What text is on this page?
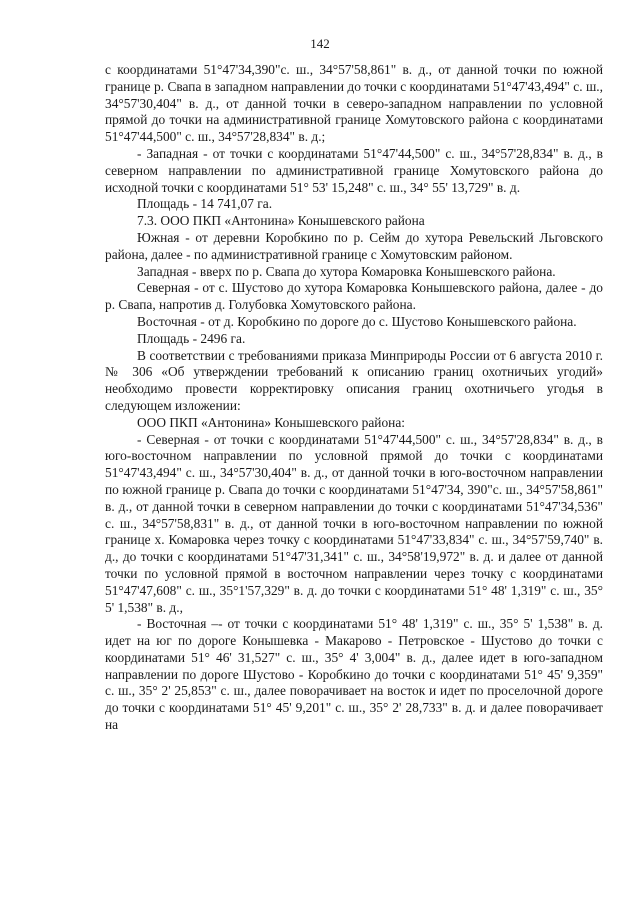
142

с координатами 51°47'34,390"с. ш., 34°57'58,861" в. д., от данной точки по южной границе р. Свапа в западном направлении до точки с координатами 51°47'43,494" с. ш., 34°57'30,404" в. д., от данной точки в северо-западном направлении по условной прямой до точки на административной границе Хомутовского района с координатами 51°47'44,500" с. ш., 34°57'28,834" в. д.;

- Западная - от точки с координатами 51°47'44,500" с. ш., 34°57'28,834" в. д., в северном направлении по административной границе Хомутовского района до исходной точки с координатами 51° 53' 15,248" с. ш., 34° 55' 13,729" в. д.

Площадь - 14 741,07 га.

7.3. ООО ПКП «Антонина» Конышевского района

Южная - от деревни Коробкино по р. Сейм до хутора Ревельский Льговского района, далее - по административной границе с Хомутовским районом.

Западная - вверх по р. Свапа до хутора Комаровка Конышевского района.

Северная - от с. Шустово до хутора Комаровка Конышевского района, далее - до р. Свапа, напротив д. Голубовка Хомутовского района.

Восточная - от д. Коробкино по дороге до с. Шустово Конышевского района.

Площадь - 2496 га.

В соответствии с требованиями приказа Минприроды России от 6 августа 2010 г. № 306 «Об утверждении требований к описанию границ охотничьих угодий» необходимо провести корректировку описания границ охотничьего угодья в следующем изложении:

ООО ПКП «Антонина» Конышевского района:

- Северная - от точки с координатами 51°47'44,500" с. ш., 34°57'28,834" в. д., в юго-восточном направлении по условной прямой до точки с координатами 51°47'43,494" с. ш., 34°57'30,404" в. д., от данной точки в юго-восточном направлении по южной границе р. Свапа до точки с координатами 51°47'34, 390"с. ш., 34°57'58,861" в. д., от данной точки в северном направлении до точки с координатами 51°47'34,536" с. ш., 34°57'58,831" в. д., от данной точки в юго-восточном направлении по южной границе х. Комаровка через точку с координатами 51°47'33,834" с. ш., 34°57'59,740" в. д., до точки с координатами 51°47'31,341" с. ш., 34°58'19,972" в. д. и далее от данной точки по условной прямой в восточном направлении через точку с координатами 51°47'47,608" с. ш., 35°1'57,329" в. д. до точки с координатами 51° 48' 1,319" с. ш., 35° 5' 1,538" в. д.,

- Восточная –- от точки с координатами 51° 48' 1,319" с. ш., 35° 5' 1,538" в. д. идет на юг по дороге Конышевка - Макарово - Петровское - Шустово до точки с координатами 51° 46' 31,527" с. ш., 35° 4' 3,004" в. д., далее идет в юго-западном направлении по дороге Шустово - Коробкино до точки с координатами 51° 45' 9,359" с. ш., 35° 2' 25,853" с. ш., далее поворачивает на восток и идет по проселочной дороге до точки с координатами 51° 45' 9,201" с. ш., 35° 2' 28,733" в. д. и далее поворачивает на
